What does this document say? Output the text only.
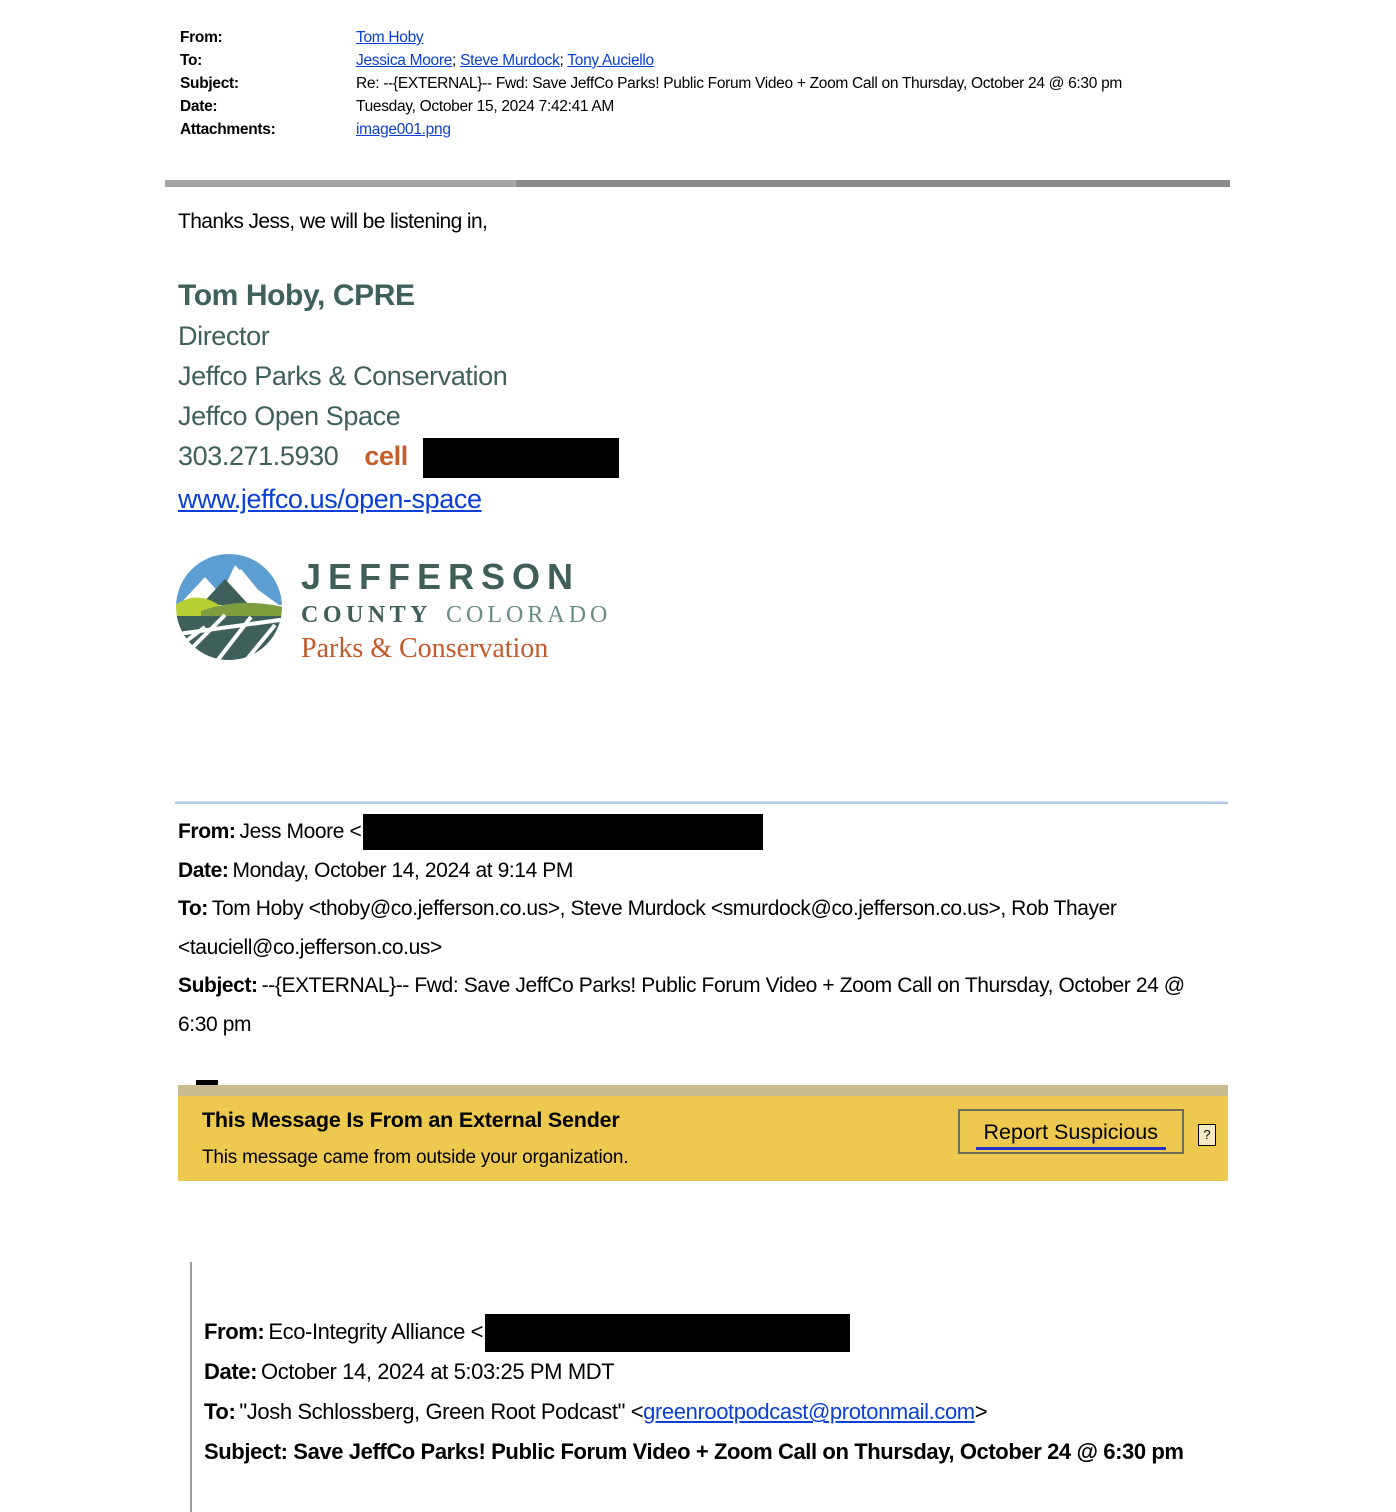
From:	Tom Hoby
To:	Jessica Moore; Steve Murdock; Tony Auciello
Subject:	Re: --{EXTERNAL}-- Fwd: Save JeffCo Parks! Public Forum Video + Zoom Call on Thursday, October 24 @ 6:30 pm
Date:	Tuesday, October 15, 2024 7:42:41 AM
Attachments:	image001.png
Thanks Jess, we will be listening in,
Tom Hoby, CPRE
Director
Jeffco Parks & Conservation
Jeffco Open Space
303.271.5930 cell
www.jeffco.us/open-space
JEFFERSON
COUNTY COLORADO
Parks & Conservation

From: Jess Moore <

Date: Monday, October 14, 2024 at 9:14 PM

To: Tom Hoby <thoby@co.jefferson.co.us>, Steve Murdock <smurdock@co.jefferson.co.us>, Rob Thayer <tauciell@co.jefferson.co.us>

Subject: --{EXTERNAL}-- Fwd: Save JeffCo Parks! Public Forum Video + Zoom Call on Thursday, October 24 @ 6:30 pm

This Message Is From an External Sender
This message came from outside your organization.
Report Suspicious	?

From: Eco-Integrity Alliance <

Date: October 14, 2024 at 5:03:25 PM MDT

To: "Josh Schlossberg, Green Root Podcast" <greenrootpodcast@protonmail.com>

Subject: Save JeffCo Parks! Public Forum Video + Zoom Call on Thursday, October 24 @ 6:30 pm
